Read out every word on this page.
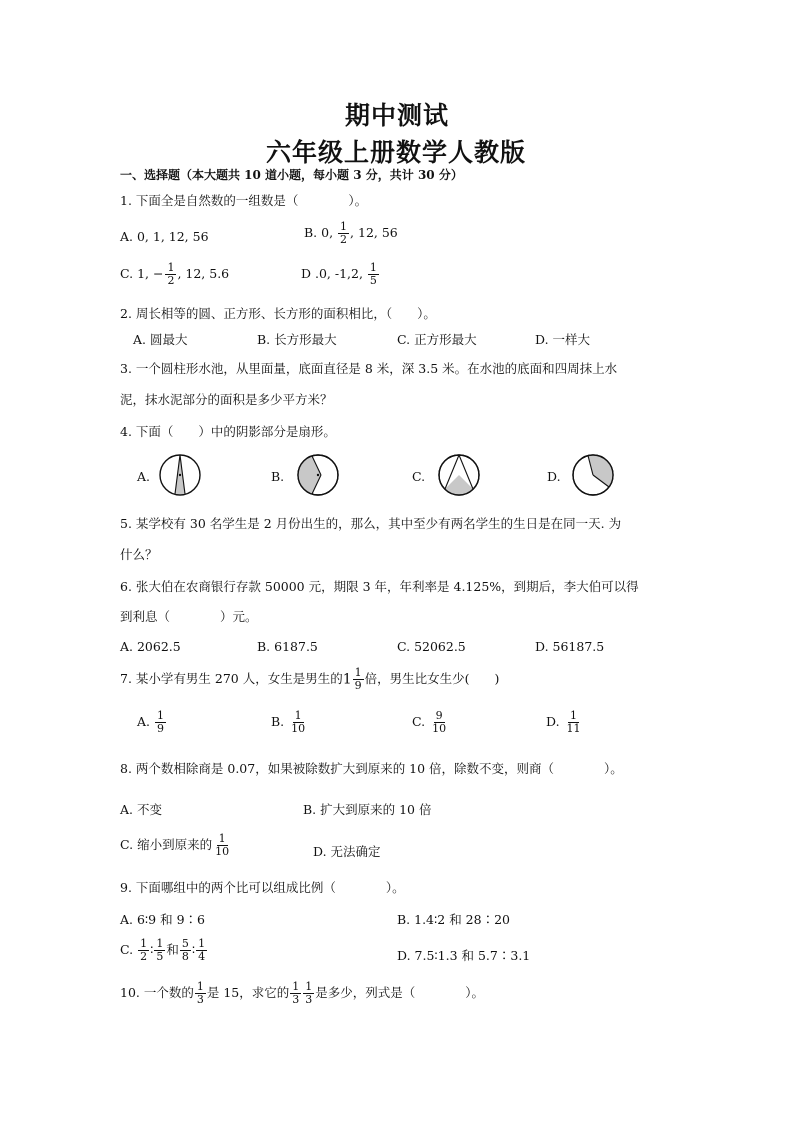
期中测试
六年级上册数学人教版
一、选择题（本大题共 10 道小题，每小题 3 分，共计 30 分）
1. 下面全是自然数的一组数是（　　　　）。
A. 0, 1, 12, 56	B. 0, $\frac{1}{2}$ , 12, 56
C. 1, − $\frac{1}{2}$ , 12, 5.6	D .0, -1,2, $\frac{1}{5}$
2. 周长相等的圆、正方形、长方形的面积相比，（　　）。
A. 圆最大	B. 长方形最大	C. 正方形最大	D. 一样大
3. 一个圆柱形水池，从里面量，底面直径是 8 米，深 3.5 米。在水池的底面和四周抹上水
泥，抹水泥部分的面积是多少平方米？
4. 下面（　　）中的阴影部分是扇形。
A.	B.	C.	D.
5. 某学校有 30 名学生是 2 月份出生的，那么，其中至少有两名学生的生日是在同一天. 为
什么？
6. 张大伯在农商银行存款 50000 元，期限 3 年，年利率是 4.125%，到期后，李大伯可以得
到利息（　　　　）元。
A. 2062.5	B. 6187.5	C. 52062.5	D. 56187.5
7. 某小学有男生 270 人，女生是男生的$1 \frac{1}{9}$ 倍，男生比女生少(　　)
A. $\frac{1}{9}$	B. $\frac{1}{10}$	C. $\frac{9}{10}$	D. $\frac{1}{11}$
8. 两个数相除商是 0.07，如果被除数扩大到原来的 10 倍，除数不变，则商（　　　　）。
A. 不变	B. 扩大到原来的 10 倍
C. 缩小到原来的 $\frac{1}{10}$	D. 无法确定
9. 下面哪组中的两个比可以组成比例（　　　　）。
A. 6∶9 和 9∶6	B. 1.4∶2 和 28∶20
C. $\frac{1}{2}$ ∶ $\frac{1}{5}$ 和 $\frac{5}{8}$ ∶ $\frac{1}{4}$	D. 7.5∶1.3 和 5.7∶3.1
10. 一个数的 $\frac{1}{3}$ 是 15，求它的 $\frac{1}{3} \frac{1}{3}$ 是多少，列式是（　　　　）。
